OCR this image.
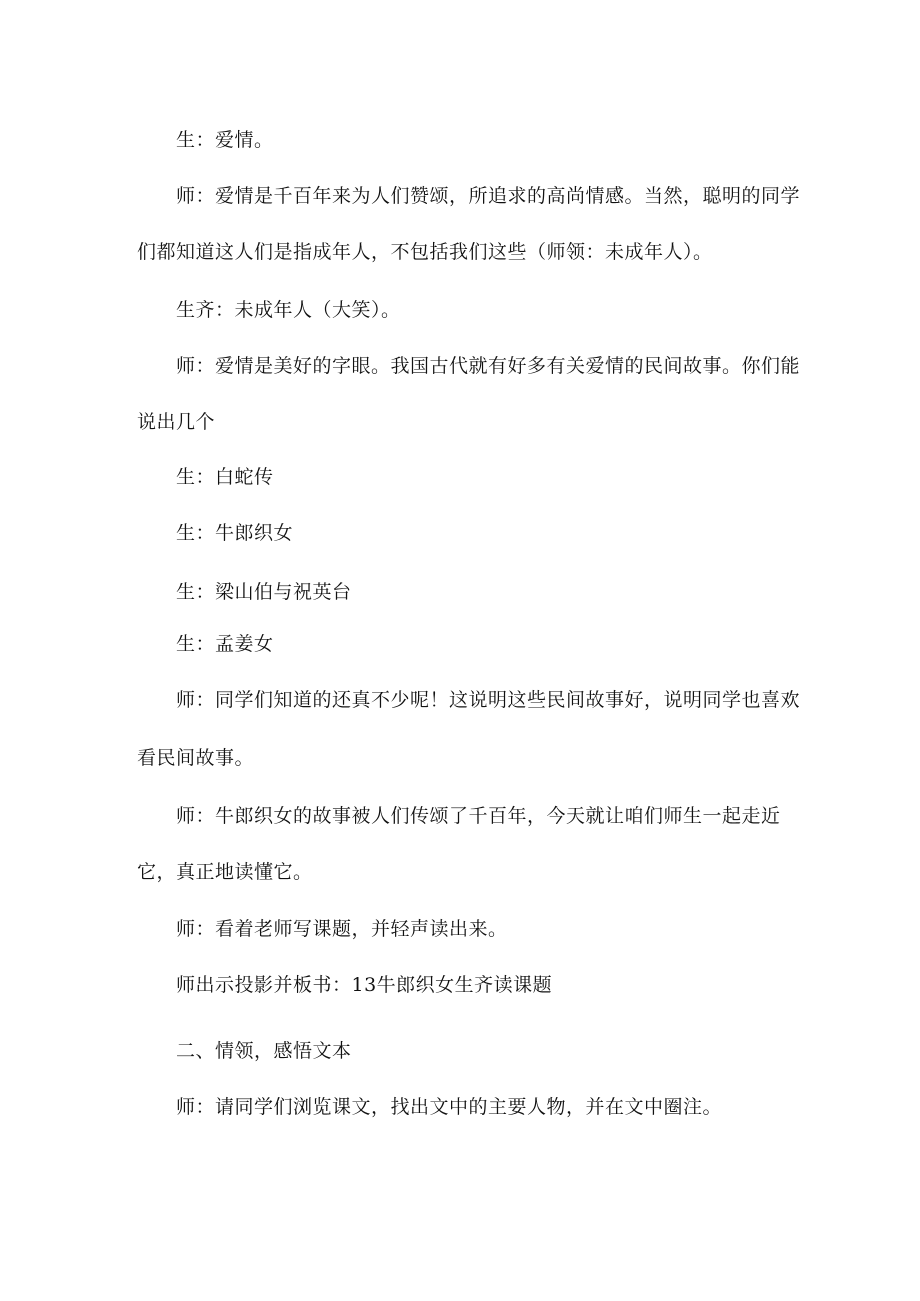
生：爱情。
师：爱情是千百年来为人们赞颂，所追求的高尚情感。当然，聪明的同学
们都知道这人们是指成年人，不包括我们这些（师领：未成年人）。
生齐：未成年人（大笑）。
师：爱情是美好的字眼。我国古代就有好多有关爱情的民间故事。你们能
说出几个
生：白蛇传
生：牛郎织女
生：梁山伯与祝英台
生：孟姜女
师：同学们知道的还真不少呢！这说明这些民间故事好，说明同学也喜欢
看民间故事。
师：牛郎织女的故事被人们传颂了千百年，今天就让咱们师生一起走近
它，真正地读懂它。
师：看着老师写课题，并轻声读出来。
师出示投影并板书：13牛郎织女生齐读课题
二、情领，感悟文本
师：请同学们浏览课文，找出文中的主要人物，并在文中圈注。
